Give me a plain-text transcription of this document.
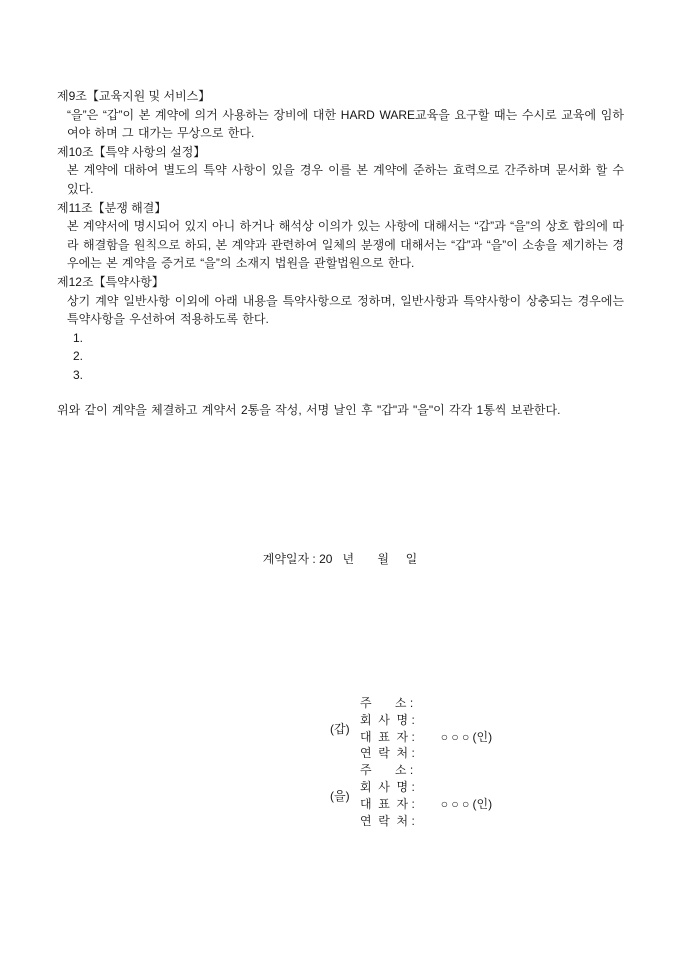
제9조【교육지원 및 서비스】
“을”은 “갑”이 본 계약에 의거 사용하는 장비에 대한 HARD WARE교육을 요구할 때는 수시로 교육에 임하여야 하며 그 대가는 무상으로 한다.
제10조【특약 사항의 설정】
본 계약에 대하여 별도의 특약 사항이 있을 경우 이를 본 계약에 준하는 효력으로 간주하며 문서화 할 수 있다.
제11조【분쟁 해결】
본 계약서에 명시되어 있지 아니 하거나 해석상 이의가 있는 사항에 대해서는 “갑”과 “을”의 상호 합의에 따라 해결함을 원칙으로 하되, 본 계약과 관련하여 일체의 분쟁에 대해서는 “갑”과 “을”이 소송을 제기하는 경우에는 본 계약을 증거로 “을”의 소재지 법원을 관할법원으로 한다.
제12조【특약사항】
상기 계약 일반사항 이외에 아래 내용을 특약사항으로 정하며, 일반사항과 특약사항이 상충되는 경우에는 특약사항을 우선하여 적용하도록 한다.
1.
2.
3.
위와 같이 계약을 체결하고 계약서 2통을 작성, 서명 날인 후 "갑"과 "을"이 각각 1통씩 보관한다.
계약일자 : 20   년       월     일
(갑)
주       소 :
회  사  명 :
대  표  자 :	○ ○ ○ (인)
연  락  처 :
(을)
주       소 :
회  사  명 :
대  표  자 :	○ ○ ○ (인)
연  락  처 :
